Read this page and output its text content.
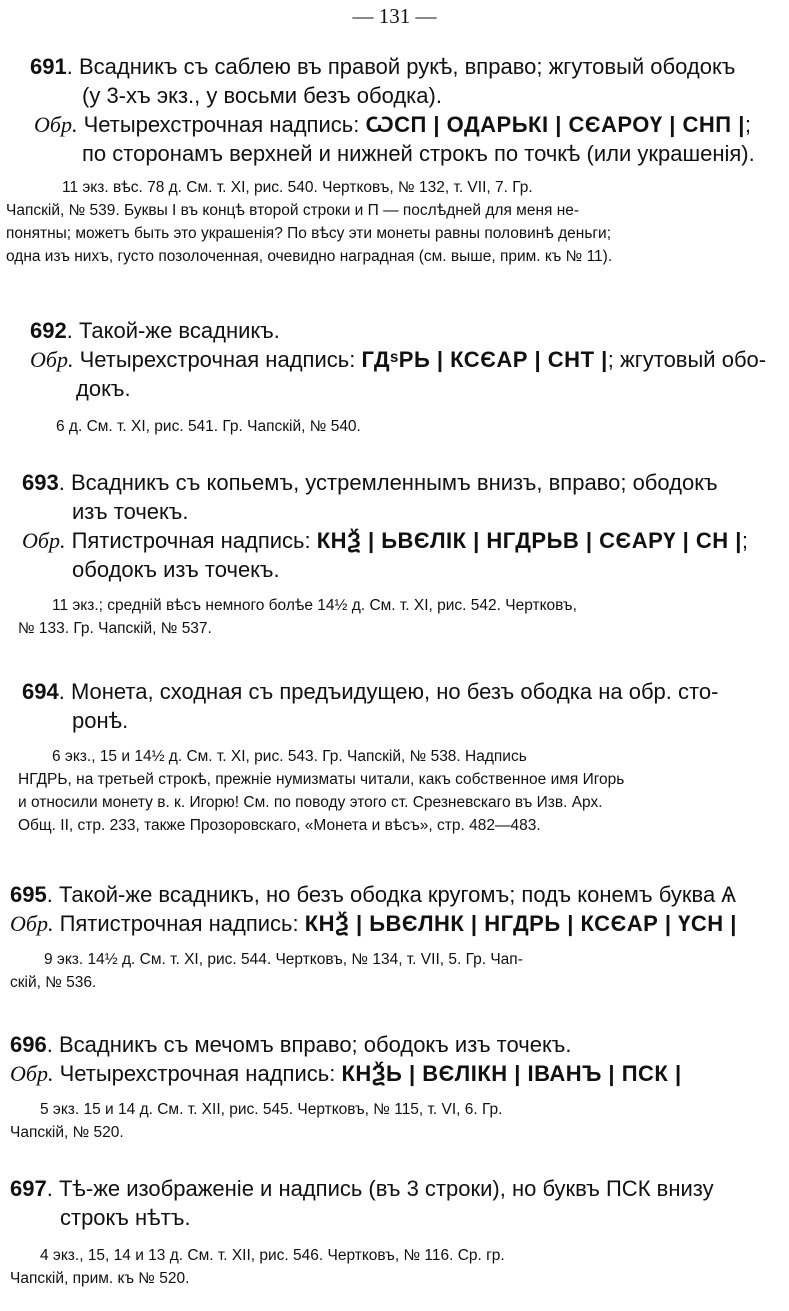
— 131 —
691. Всадникъ съ саблею въ правой рукѣ, вправо; жгутовый ободокъ
(у 3-хъ экз., у восьми безъ ободка).
Обр. Четырехстрочная надпись: ѠСП | ОДАРЬКI | СЄАРОҮ | СНП |;
по сторонамъ верхней и нижней строкъ по точкѣ (или украшенія).
11 экз. вѣс. 78 д. См. т. XI, рис. 540. Чертковъ, № 132, т. VII, 7. Гр.
Чапскiй, № 539. Буквы Ӏ въ концѣ второй строки и П — послѣдней для меня не-
понятны; можетъ быть это украшенiя? По вѣсу эти монеты равны половинѣ деньги;
одна изъ нихъ, густо позолоченная, очевидно наградная (см. выше, прим. къ № 11).
692. Такой-же всадникъ.
Обр. Четырехстрочная надпись: ГДˢРЬ | КСЄАР | СНТ |; жгутовый обо-
докъ.
6 д. См. т. XI, рис. 541. Гр. Чапскiй, № 540.
693. Всадникъ съ копьемъ, устремленнымъ внизъ, вправо; ободокъ
изъ точекъ.
Обр. Пятистрочная надпись: КНѮ | ЬВЄЛIК | НГДРЬВ | СЄАРҮ | СН |;
ободокъ изъ точекъ.
11 экз.; средній вѣсъ немного болѣе 14½ д. См. т. XI, рис. 542. Чертковъ,
№ 133. Гр. Чапскiй, № 537.
694. Монета, сходная съ предъидущею, но безъ ободка на обр. сто-
ронѣ.
6 экз., 15 и 14½ д. См. т. XI, рис. 543. Гр. Чапскiй, № 538. Надпись
НГДРЬ, на третьей строкѣ, прежніе нумизматы читали, какъ собственное имя Игорь
и относили монету в. к. Игорю! См. по поводу этого ст. Срезневскаго въ Изв. Арх.
Общ. II, стр. 233, также Прозоровскаго, «Монета и вѣсъ», стр. 482—483.
695. Такой-же всадникъ, но безъ ободка кругомъ; подъ конемъ буква Ѧ
Обр. Пятистрочная надпись: КНѮ | ЬВЄЛНК | НГДРЬ | КСЄАР | ҮСН |
9 экз. 14½ д. См. т. XI, рис. 544. Чертковъ, № 134, т. VII, 5. Гр. Чап-
скiй, № 536.
696. Всадникъ съ мечомъ вправо; ободокъ изъ точекъ.
Обр. Четырехстрочная надпись: КНѮЬ | ВЄЛIКН | IВАНЪ | ПСК |
5 экз. 15 и 14 д. См. т. XII, рис. 545. Чертковъ, № 115, т. VI, 6. Гр.
Чапскiй, № 520.
697. Тѣ-же изображенiе и надпись (въ 3 строки), но буквъ ПСК внизу
строкъ нѣтъ.
4 экз., 15, 14 и 13 д. См. т. XII, рис. 546. Чертковъ, № 116. Ср. гр.
Чапскiй, прим. къ № 520.
